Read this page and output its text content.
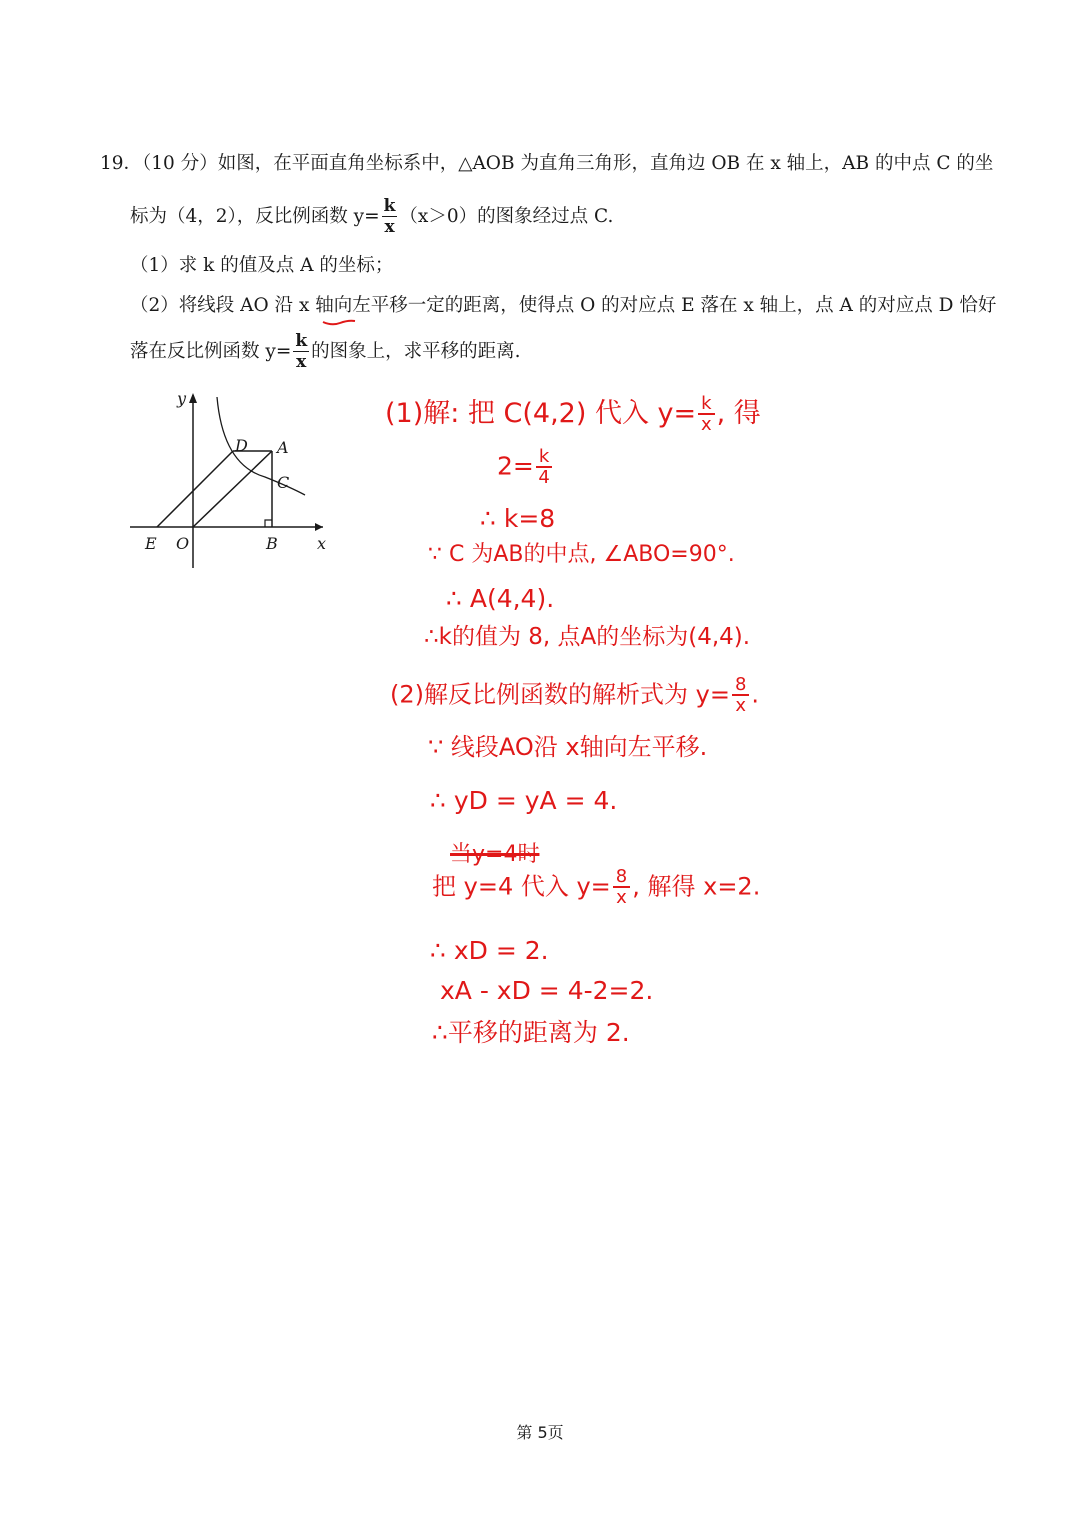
19．（10 分）如图，在平面直角坐标系中，△AOB 为直角三角形，直角边 OB 在 x 轴上，AB 的中点 C 的坐
标为（4，2），反比例函数 $y= \frac{k}{x} (x>0)$的图象经过点 C.
（1）求 k 的值及点 A 的坐标；
（2）将线段 AO 沿 x 轴向左平移一定的距离，使得点 O 的对应点 E 落在 x 轴上，点 A 的对应点 D 恰好
落在反比例函数 $y= \frac{k}{x}$ 的图象上，求平移的距离.
y
x
D A
C
E O	B
(1)解: 把 C(4,2) 代入 $y= \frac{k}{x}$ , 得
$2= \frac{k}{4}$
∴ k=8
∵ C 为AB的中点, ∠ABO=90°.
∴ A(4,4).
∴k的值为 8, 点A的坐标为(4,4).
(2)解反比例函数的解析式为 $y= \frac{8}{x}$ .
∵ 线段AO沿 x轴向左平移.
∴ yD = yA = 4.
当y=4时
把 y=4 代入 $y= \frac{8}{x}$ , 解得 x=2.
∴ xD = 2.
xA - xD = 4-2=2.
∴平移的距离为 2.
第 5页
